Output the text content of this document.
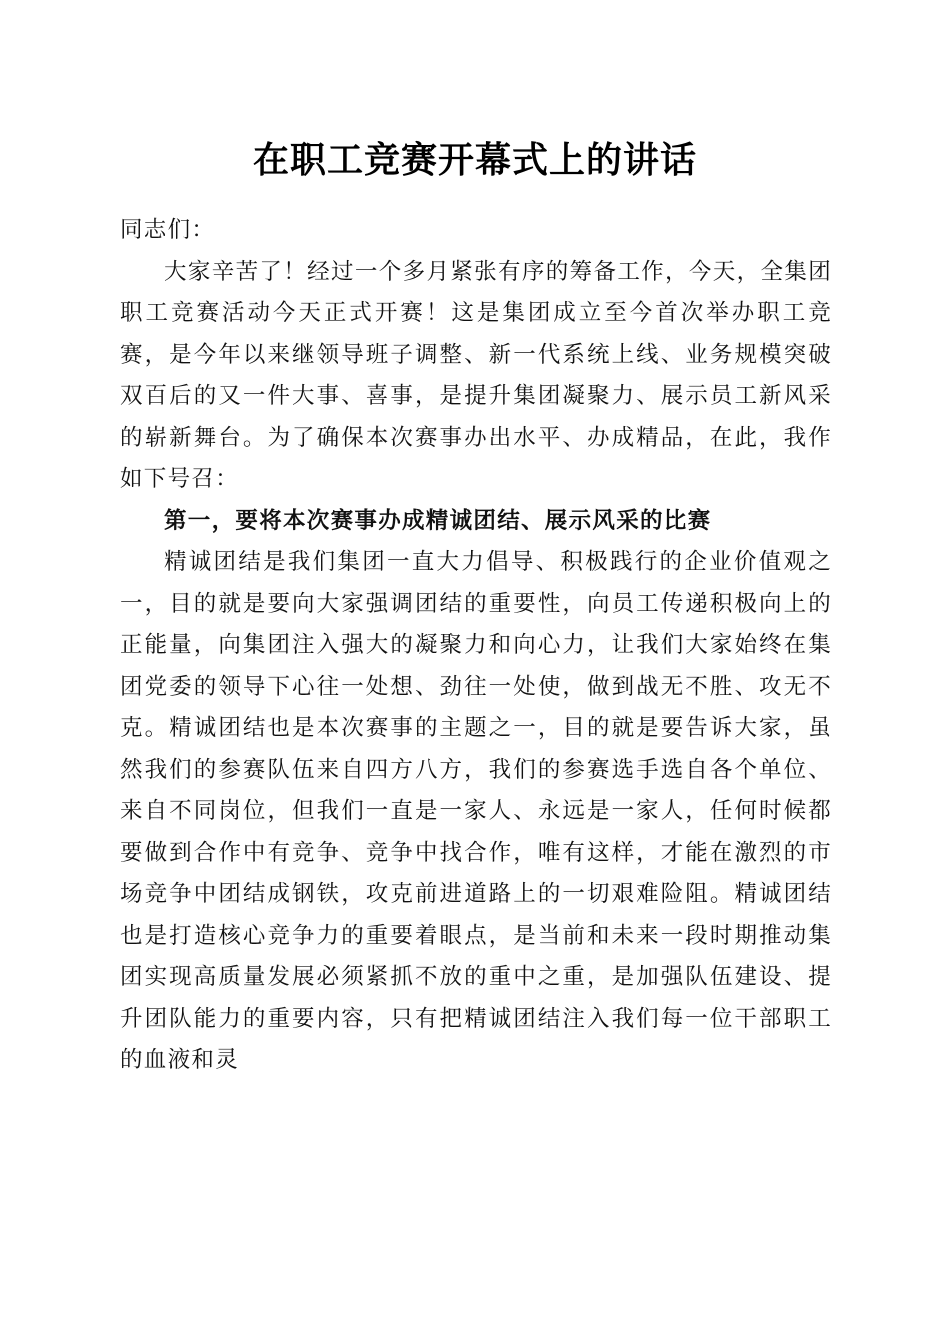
在职工竞赛开幕式上的讲话

同志们：

大家辛苦了！经过一个多月紧张有序的筹备工作，今天，全集团职工竞赛活动今天正式开赛！这是集团成立至今首次举办职工竞赛，是今年以来继领导班子调整、新一代系统上线、业务规模突破双百后的又一件大事、喜事，是提升集团凝聚力、展示员工新风采的崭新舞台。为了确保本次赛事办出水平、办成精品，在此，我作如下号召：

第一，要将本次赛事办成精诚团结、展示风采的比赛

精诚团结是我们集团一直大力倡导、积极践行的企业价值观之一，目的就是要向大家强调团结的重要性，向员工传递积极向上的正能量，向集团注入强大的凝聚力和向心力，让我们大家始终在集团党委的领导下心往一处想、劲往一处使，做到战无不胜、攻无不克。精诚团结也是本次赛事的主题之一，目的就是要告诉大家，虽然我们的参赛队伍来自四方八方，我们的参赛选手选自各个单位、来自不同岗位，但我们一直是一家人、永远是一家人，任何时候都要做到合作中有竞争、竞争中找合作，唯有这样，才能在激烈的市场竞争中团结成钢铁，攻克前进道路上的一切艰难险阻。精诚团结也是打造核心竞争力的重要着眼点，是当前和未来一段时期推动集团实现高质量发展必须紧抓不放的重中之重，是加强队伍建设、提升团队能力的重要内容，只有把精诚团结注入我们每一位干部职工的血液和灵
